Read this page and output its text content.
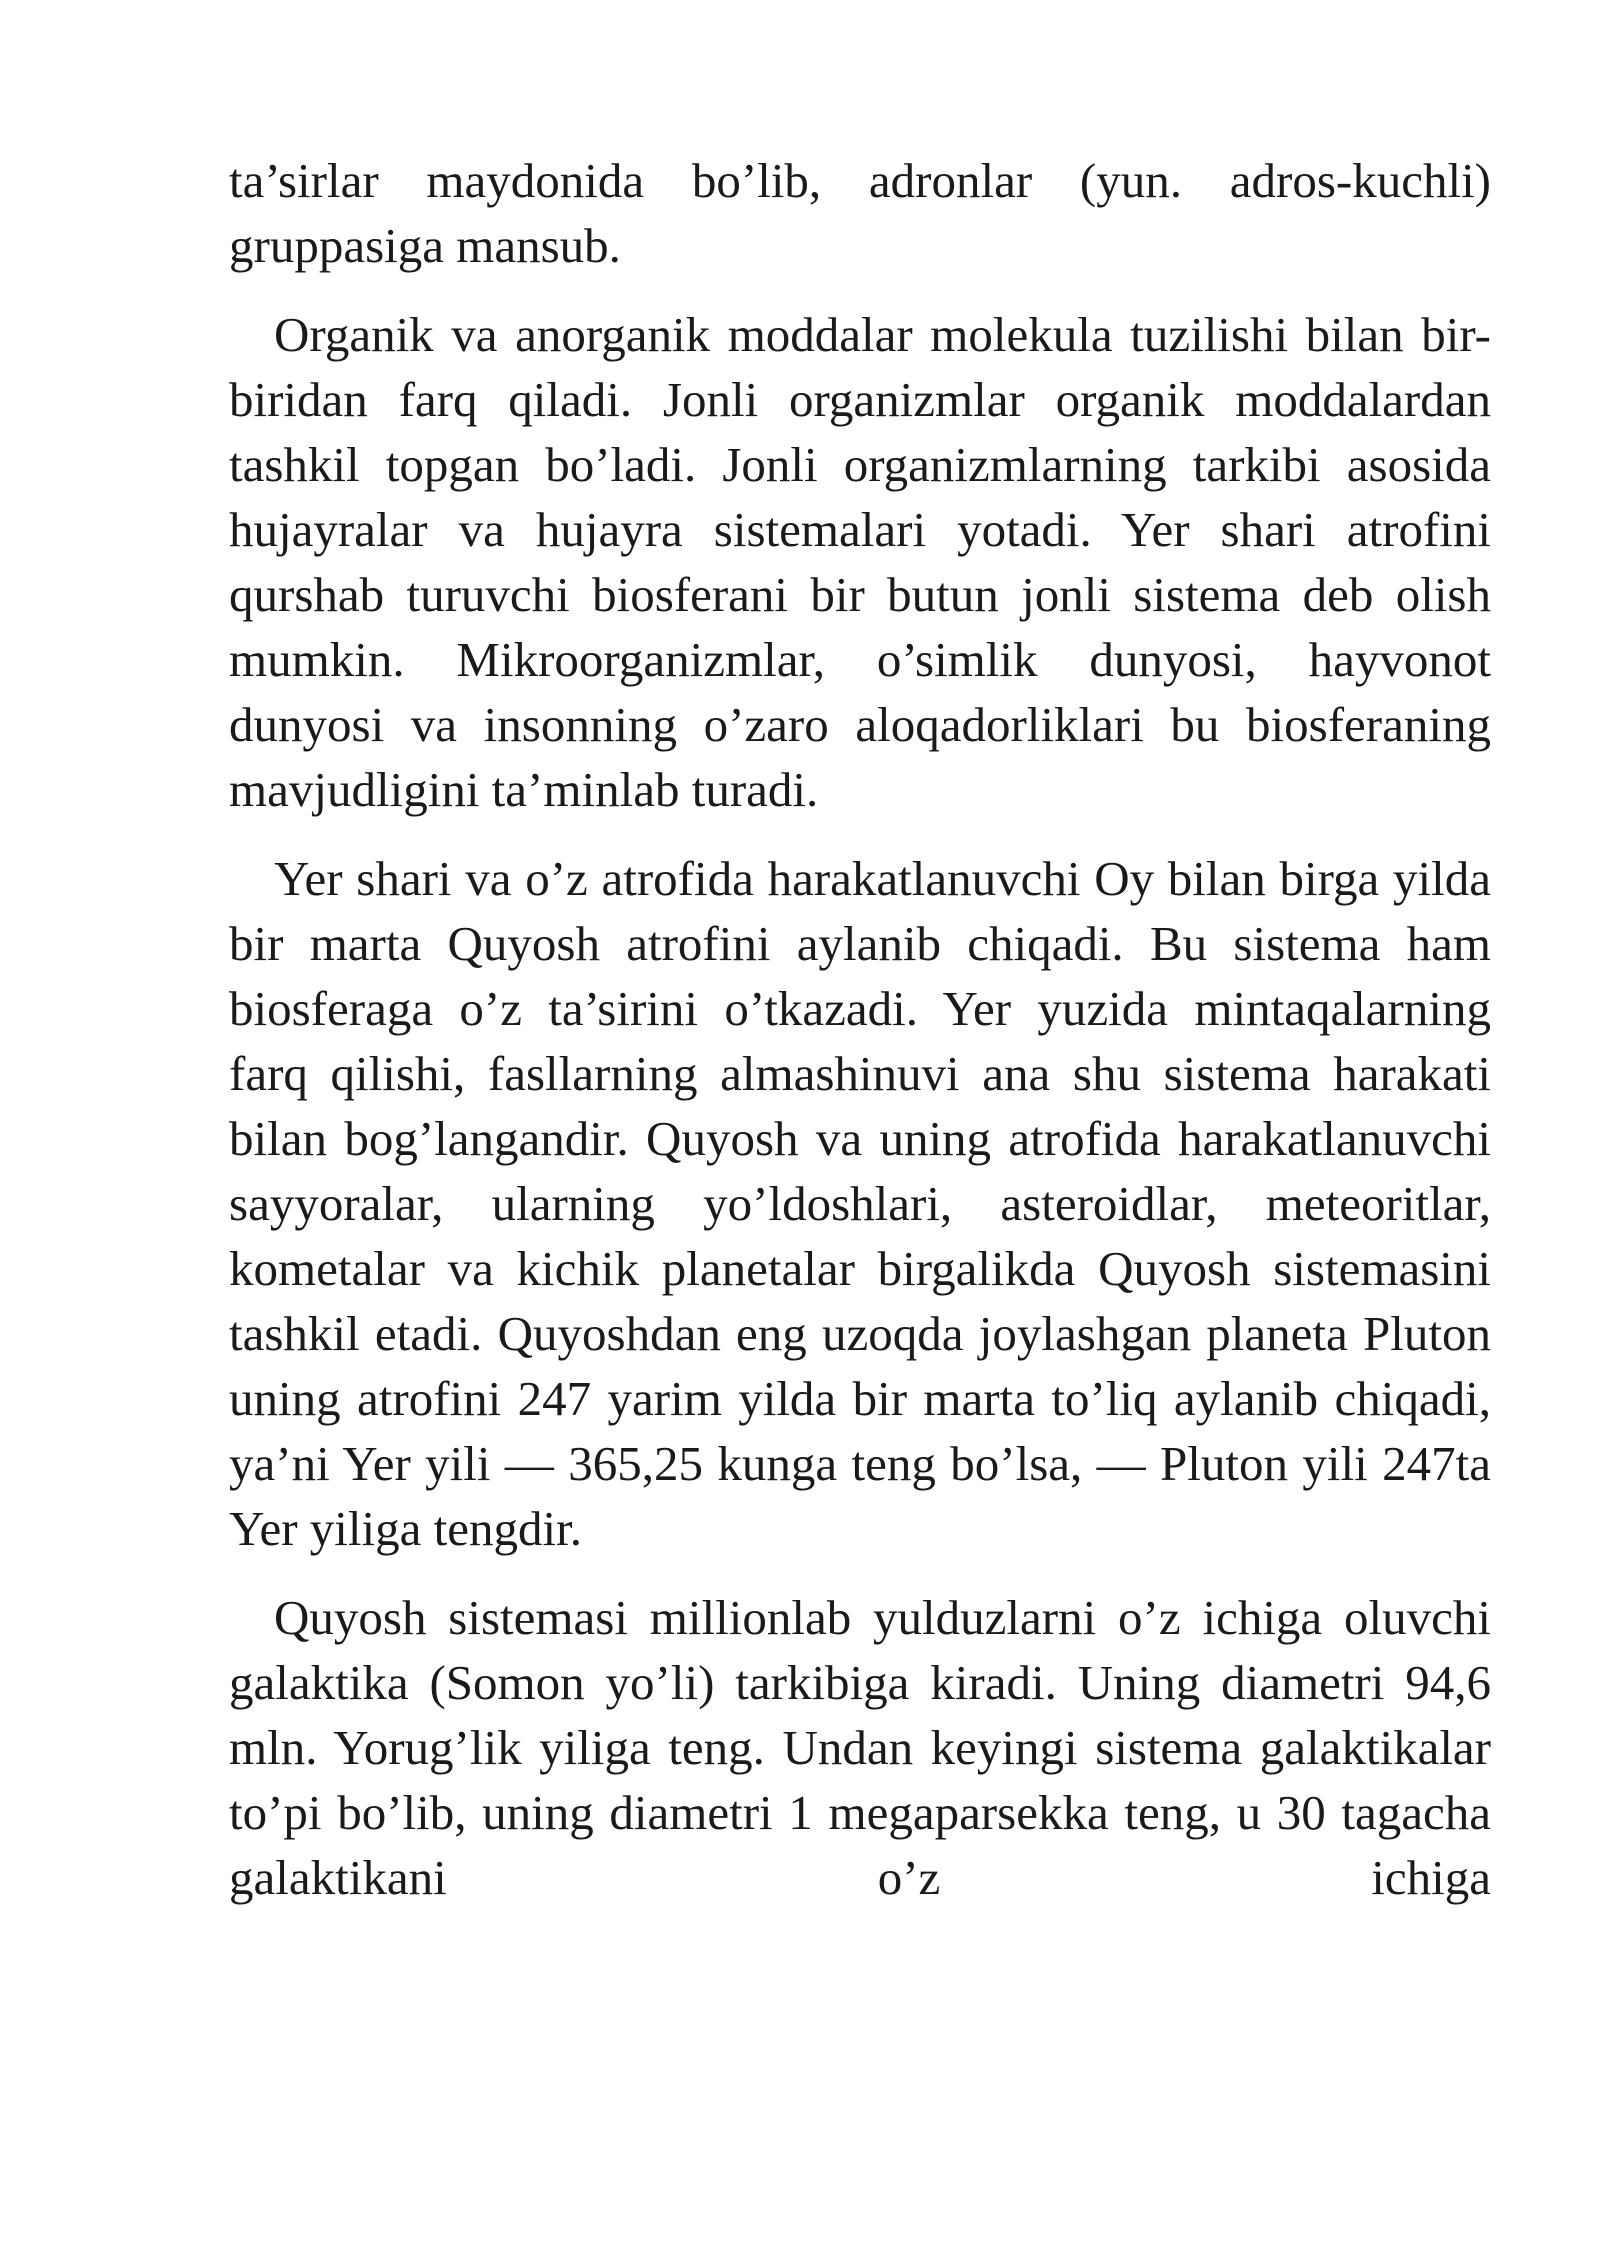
ta’sirlar maydonida bo’lib, adronlar (yun. adros-kuchli) gruppasiga mansub.

Organik va anorganik moddalar molekula tuzilishi bilan bir-biridan farq qiladi. Jonli organizmlar organik moddalardan tashkil topgan bo’ladi. Jonli organizmlarning tarkibi asosida hujayralar va hujayra sistemalari yotadi. Yer shari atrofini qurshab turuvchi biosferani bir butun jonli sistema deb olish mumkin. Mikroorganizmlar, o’simlik dunyosi, hayvonot dunyosi va insonning o’zaro aloqadorliklari bu biosferaning mavjudligini ta’minlab turadi.

Yer shari va o’z atrofida harakatlanuvchi Oy bilan birga yilda bir marta Quyosh atrofini aylanib chiqadi. Bu sistema ham biosferaga o’z ta’sirini o’tkazadi. Yer yuzida mintaqalarning farq qilishi, fasllarning almashinuvi ana shu sistema harakati bilan bog’langandir. Quyosh va uning atrofida harakatlanuvchi sayyoralar, ularning yo’ldoshlari, asteroidlar, meteoritlar, kometalar va kichik planetalar birgalikda Quyosh sistemasini tashkil etadi. Quyoshdan eng uzoqda joylashgan planeta Pluton uning atrofini 247 yarim yilda bir marta to’liq aylanib chiqadi, ya’ni Yer yili — 365,25 kunga teng bo’lsa, — Pluton yili 247ta Yer yiliga tengdir.

Quyosh sistemasi millionlab yulduzlarni o’z ichiga oluvchi galaktika (Somon yo’li) tarkibiga kiradi. Uning diametri 94,6 mln. Yorug’lik yiliga teng. Undan keyingi sistema galaktikalar to’pi bo’lib, uning diametri 1 megaparsekka teng, u 30 tagacha galaktikani o’z ichiga
